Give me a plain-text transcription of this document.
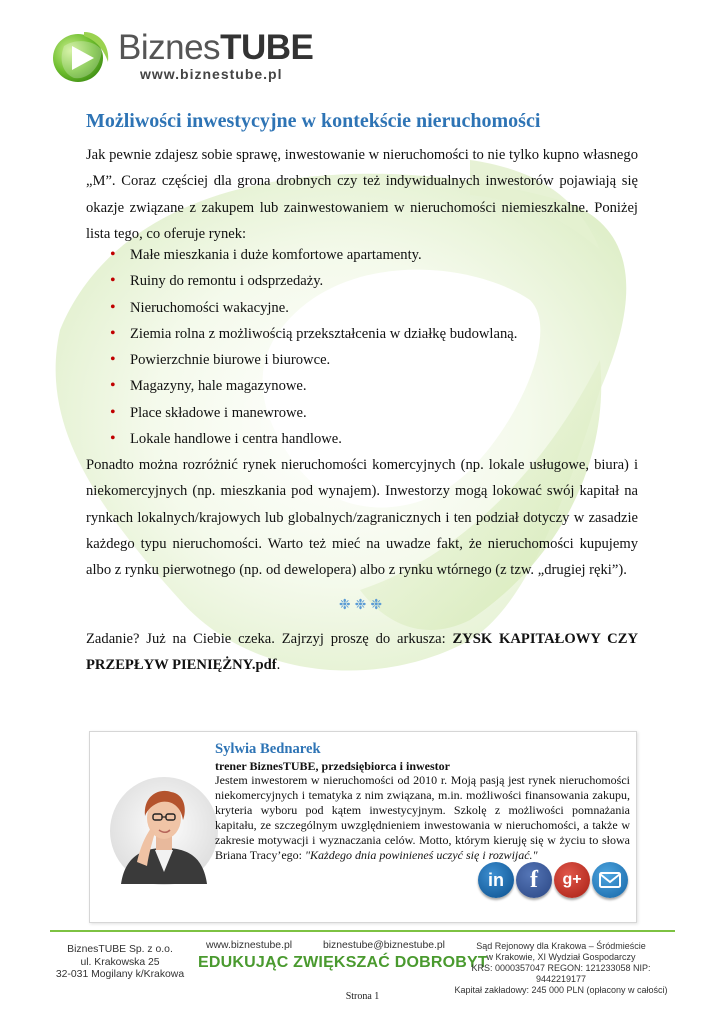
BiznesTUBE
www.biznestube.pl
Możliwości inwestycyjne w kontekście nieruchomości

Jak pewnie zdajesz sobie sprawę, inwestowanie w nieruchomości to nie tylko kupno własnego „M”. Coraz częściej dla grona drobnych czy też indywidualnych inwestorów pojawiają się okazje związane z zakupem lub zainwestowaniem w nieruchomości niemieszkalne. Poniżej lista tego, co oferuje rynek:

• Małe mieszkania i duże komfortowe apartamenty.
• Ruiny do remontu i odsprzedaży.
• Nieruchomości wakacyjne.
• Ziemia rolna z możliwością przekształcenia w działkę budowlaną.
• Powierzchnie biurowe i biurowce.
• Magazyny, hale magazynowe.
• Place składowe i manewrowe.
• Lokale handlowe i centra handlowe.

Ponadto można rozróżnić rynek nieruchomości komercyjnych (np. lokale usługowe, biura) i niekomercyjnych (np. mieszkania pod wynajem). Inwestorzy mogą lokować swój kapitał na rynkach lokalnych/krajowych lub globalnych/zagranicznych i ten podział dotyczy w zasadzie każdego typu nieruchomości. Warto też mieć na uwadze fakt, że nieruchomości kupujemy albo z rynku pierwotnego (np. od dewelopera) albo z rynku wtórnego (z tzw. „drugiej ręki”).

❉❉❉

Zadanie? Już na Ciebie czeka. Zajrzyj proszę do arkusza: ZYSK KAPITAŁOWY CZY PRZEPŁYW PIENIĘŻNY.pdf.

Sylwia Bednarek
trener BiznesTUBE, przedsiębiorca i inwestor

Jestem inwestorem w nieruchomości od 2010 r. Moją pasją jest rynek nieruchomości niekomercyjnych i tematyka z nim związana, m.in. możliwości finansowania zakupu, kryteria wyboru pod kątem inwestycyjnym. Szkolę z możliwości pomnażania kapitału, ze szczególnym uwzględnieniem inwestowania w nieruchomości, a także w zakresie motywacji i wyznaczania celów. Motto, którym kieruję się w życiu to słowa Briana Tracy’ego: "Każdego dnia powinieneś uczyć się i rozwijać."

in	f	g+
BiznesTUBE Sp. z o.o.
ul. Krakowska 25
32-031 Mogilany k/Krakowa
www.biznestube.pl	biznestube@biznestube.pl
EDUKUJĄC ZWIĘKSZAĆ DOBROBYT
Sąd Rejonowy dla Krakowa – Śródmieście
w Krakowie, XI Wydział Gospodarczy
KRS: 0000357047 REGON: 121233058 NIP: 9442219177
Kapitał zakładowy: 245 000 PLN (opłacony w całości)
Strona 1
